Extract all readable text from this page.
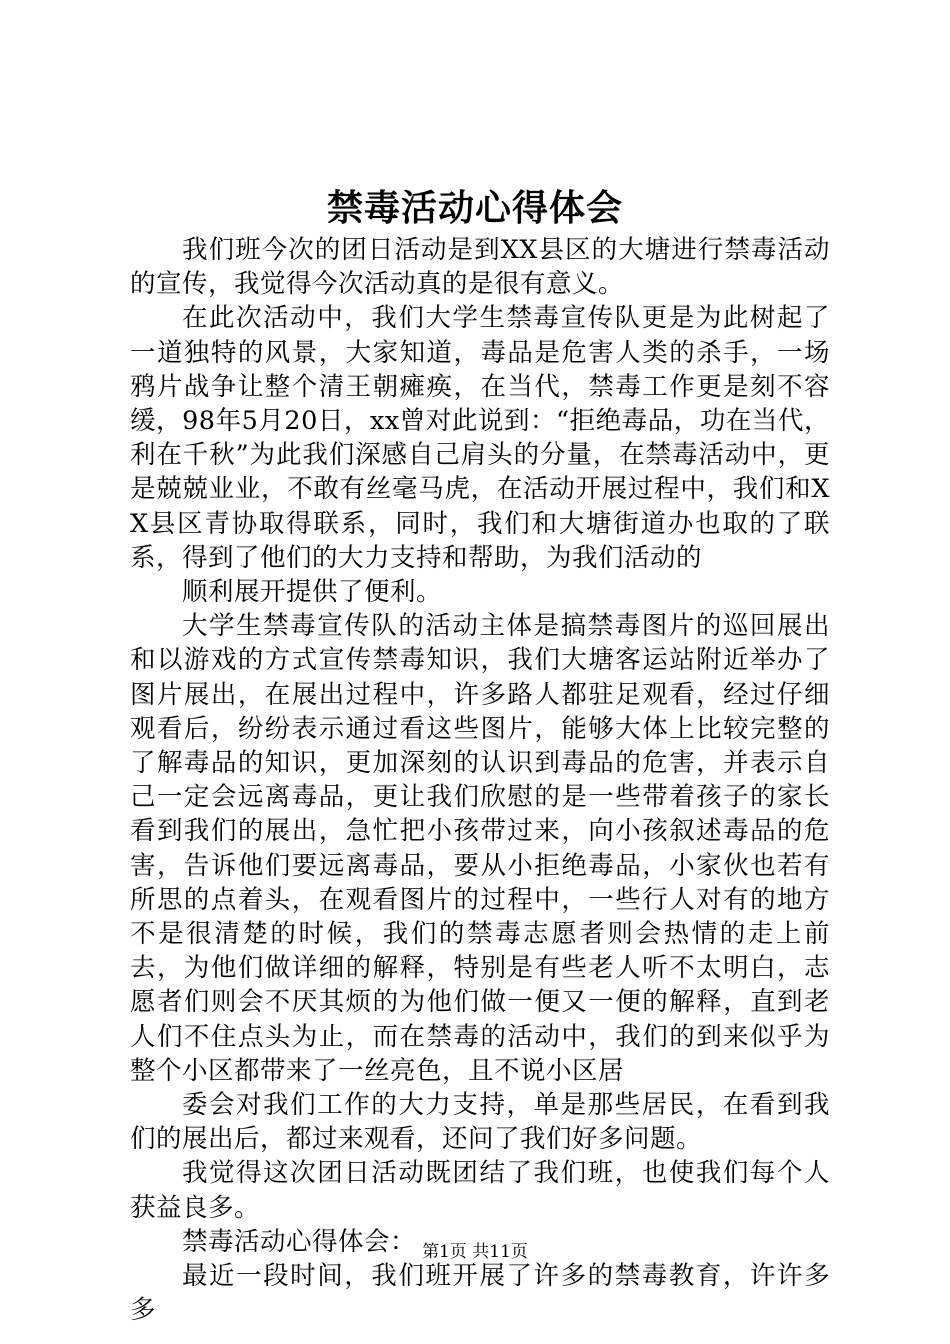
禁毒活动心得体会

我们班今次的团日活动是到XX县区的大塘进行禁毒活动的宣传，我觉得今次活动真的是很有意义。

在此次活动中，我们大学生禁毒宣传队更是为此树起了一道独特的风景，大家知道，毒品是危害人类的杀手，一场鸦片战争让整个清王朝瘫痪，在当代，禁毒工作更是刻不容缓，98年5月20日，xx曾对此说到：“拒绝毒品，功在当代，利在千秋”为此我们深感自己肩头的分量，在禁毒活动中，更是兢兢业业，不敢有丝毫马虎，在活动开展过程中，我们和XX县区青协取得联系，同时，我们和大塘街道办也取的了联系，得到了他们的大力支持和帮助，为我们活动的

顺利展开提供了便利。

大学生禁毒宣传队的活动主体是搞禁毒图片的巡回展出和以游戏的方式宣传禁毒知识，我们大塘客运站附近举办了图片展出，在展出过程中，许多路人都驻足观看，经过仔细观看后，纷纷表示通过看这些图片，能够大体上比较完整的了解毒品的知识，更加深刻的认识到毒品的危害，并表示自己一定会远离毒品，更让我们欣慰的是一些带着孩子的家长看到我们的展出，急忙把小孩带过来，向小孩叙述毒品的危害，告诉他们要远离毒品，要从小拒绝毒品，小家伙也若有所思的点着头，在观看图片的过程中，一些行人对有的地方不是很清楚的时候，我们的禁毒志愿者则会热情的走上前去，为他们做详细的解释，特别是有些老人听不太明白，志愿者们则会不厌其烦的为他们做一便又一便的解释，直到老人们不住点头为止，而在禁毒的活动中，我们的到来似乎为整个小区都带来了一丝亮色，且不说小区居

委会对我们工作的大力支持，单是那些居民，在看到我们的展出后，都过来观看，还问了我们好多问题。

我觉得这次团日活动既团结了我们班，也使我们每个人获益良多。

禁毒活动心得体会：

最近一段时间，我们班开展了许多的禁毒教育，许许多多

第1页 共11页
